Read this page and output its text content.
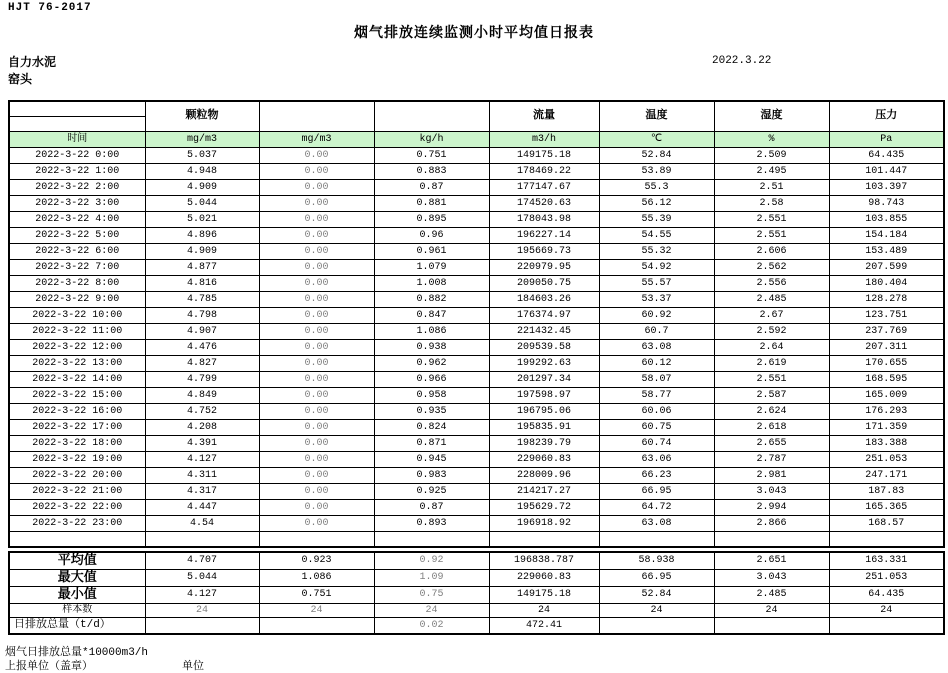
HJT 76-2017
烟气排放连续监测小时平均值日报表
自力水泥	2022.3.22
窑头
	颗粒物			流量	温度	湿度	压力

时间	mg/m3	mg/m3	kg/h	m3/h	℃	%	Pa
2022-3-22 0:00	5.037	0.00	0.751	149175.18	52.84	2.509	64.435
2022-3-22 1:00	4.948	0.00	0.883	178469.22	53.89	2.495	101.447
2022-3-22 2:00	4.909	0.00	0.87	177147.67	55.3	2.51	103.397
2022-3-22 3:00	5.044	0.00	0.881	174520.63	56.12	2.58	98.743
2022-3-22 4:00	5.021	0.00	0.895	178043.98	55.39	2.551	103.855
2022-3-22 5:00	4.896	0.00	0.96	196227.14	54.55	2.551	154.184
2022-3-22 6:00	4.909	0.00	0.961	195669.73	55.32	2.606	153.489
2022-3-22 7:00	4.877	0.00	1.079	220979.95	54.92	2.562	207.599
2022-3-22 8:00	4.816	0.00	1.008	209050.75	55.57	2.556	180.404
2022-3-22 9:00	4.785	0.00	0.882	184603.26	53.37	2.485	128.278
2022-3-22 10:00	4.798	0.00	0.847	176374.97	60.92	2.67	123.751
2022-3-22 11:00	4.907	0.00	1.086	221432.45	60.7	2.592	237.769
2022-3-22 12:00	4.476	0.00	0.938	209539.58	63.08	2.64	207.311
2022-3-22 13:00	4.827	0.00	0.962	199292.63	60.12	2.619	170.655
2022-3-22 14:00	4.799	0.00	0.966	201297.34	58.07	2.551	168.595
2022-3-22 15:00	4.849	0.00	0.958	197598.97	58.77	2.587	165.009
2022-3-22 16:00	4.752	0.00	0.935	196795.06	60.06	2.624	176.293
2022-3-22 17:00	4.208	0.00	0.824	195835.91	60.75	2.618	171.359
2022-3-22 18:00	4.391	0.00	0.871	198239.79	60.74	2.655	183.388
2022-3-22 19:00	4.127	0.00	0.945	229060.83	63.06	2.787	251.053
2022-3-22 20:00	4.311	0.00	0.983	228009.96	66.23	2.981	247.171
2022-3-22 21:00	4.317	0.00	0.925	214217.27	66.95	3.043	187.83
2022-3-22 22:00	4.447	0.00	0.87	195629.72	64.72	2.994	165.365
2022-3-22 23:00	4.54	0.00	0.893	196918.92	63.08	2.866	168.57

平均值	4.707	0.923	0.92	196838.787	58.938	2.651	163.331
最大值	5.044	1.086	1.09	229060.83	66.95	3.043	251.053
最小值	4.127	0.751	0.75	149175.18	52.84	2.485	64.435
样本数	24	24	24	24	24	24	24
日排放总量（t/d）			0.02	472.41			
烟气日排放总量*10000m3/h
上报单位（盖章）	单位
